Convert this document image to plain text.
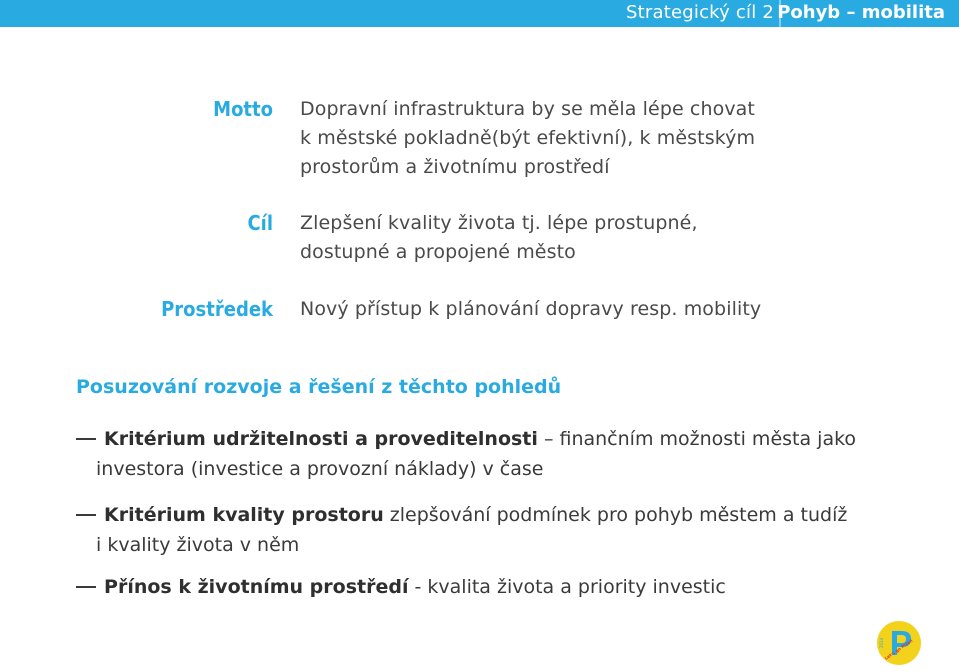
Strategický cíl 2 Pohyb – mobilita
Motto Dopravní infrastruktura by se měla lépe chovat
k městské pokladně(být efektivní), k městským
prostorům a životnímu prostředí
Cíl Zlepšení kvality života tj. lépe prostupné,
dostupné a propojené město
Prostředek Nový přístup k plánování dopravy resp. mobility
Posuzování rozvoje a řešení z těchto pohledů
Kritérium udržitelnosti a proveditelnosti – finančním možnosti města jako
investora (investice a provozní náklady) v čase
Kritérium kvality prostoru zlepšování podmínek pro pohyb městem a tudíž
i kvality života v něm
Přínos k životnímu prostředí - kvalita života a priority investic
2014 Let's go Plzeň
